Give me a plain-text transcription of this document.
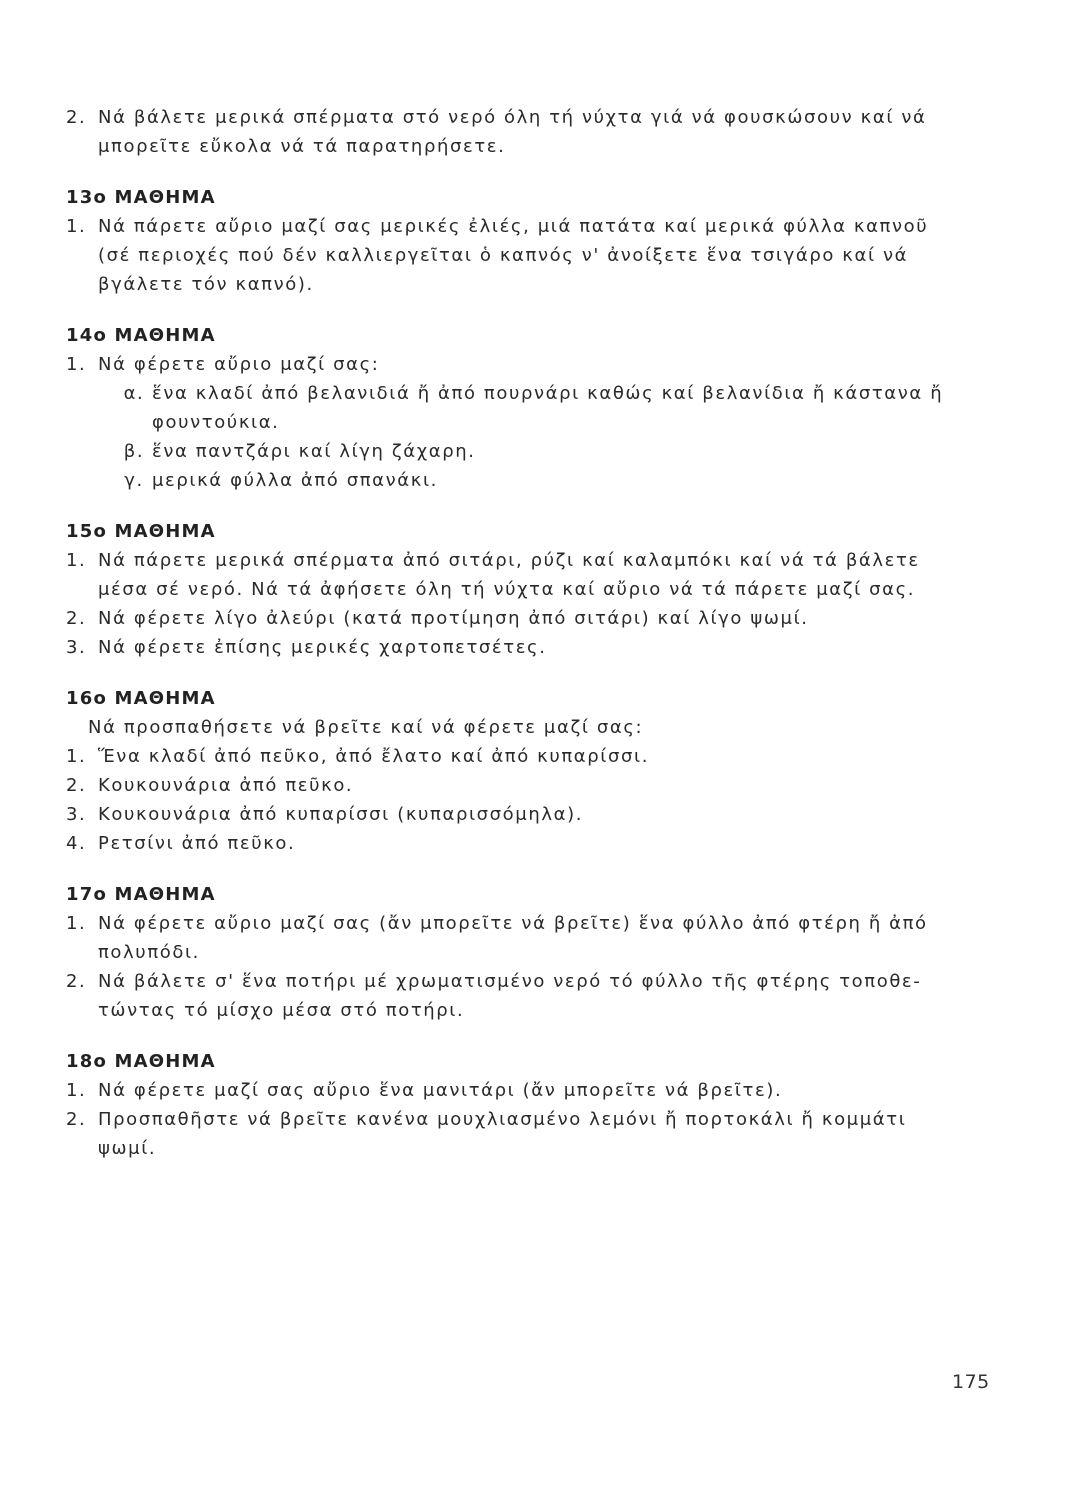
2. Νά βάλετε μερικά σπέρματα στό νερό όλη τή νύχτα γιά νά φουσκώσουν καί νά
μπορεῖτε εὔκολα νά τά παρατηρήσετε.
13ο ΜΑΘΗΜΑ
1. Νά πάρετε αὔριο μαζί σας μερικές ἐλιές, μιά πατάτα καί μερικά φύλλα καπνοῦ
(σέ περιοχές πού δέν καλλιεργεῖται ὁ καπνός ν' ἀνοίξετε ἕνα τσιγάρο καί νά
βγάλετε τόν καπνό).
14ο ΜΑΘΗΜΑ
1. Νά φέρετε αὔριο μαζί σας:
α. ἕνα κλαδί ἀπό βελανιδιά ἤ ἀπό πουρνάρι καθώς καί βελανίδια ἤ κάστανα ἤ
φουντούκια.
β. ἕνα παντζάρι καί λίγη ζάχαρη.
γ. μερικά φύλλα ἀπό σπανάκι.
15ο ΜΑΘΗΜΑ
1. Νά πάρετε μερικά σπέρματα ἀπό σιτάρι, ρύζι καί καλαμπόκι καί νά τά βάλετε
μέσα σέ νερό. Νά τά ἀφήσετε όλη τή νύχτα καί αὔριο νά τά πάρετε μαζί σας.
2. Νά φέρετε λίγο ἀλεύρι (κατά προτίμηση ἀπό σιτάρι) καί λίγο ψωμί.
3. Νά φέρετε ἐπίσης μερικές χαρτοπετσέτες.
16ο ΜΑΘΗΜΑ
Νά προσπαθήσετε νά βρεῖτε καί νά φέρετε μαζί σας:
1. Ἕνα κλαδί ἀπό πεῦκο, ἀπό ἔλατο καί ἀπό κυπαρίσσι.
2. Κουκουνάρια ἀπό πεῦκο.
3. Κουκουνάρια ἀπό κυπαρίσσι (κυπαρισσόμηλα).
4. Ρετσίνι ἀπό πεῦκο.
17ο ΜΑΘΗΜΑ
1. Νά φέρετε αὔριο μαζί σας (ἄν μπορεῖτε νά βρεῖτε) ἕνα φύλλο ἀπό φτέρη ἤ ἀπό
πολυπόδι.
2. Νά βάλετε σ' ἕνα ποτήρι μέ χρωματισμένο νερό τό φύλλο τῆς φτέρης τοποθε-
τώντας τό μίσχο μέσα στό ποτήρι.
18ο ΜΑΘΗΜΑ
1. Νά φέρετε μαζί σας αὔριο ἕνα μανιτάρι (ἄν μπορεῖτε νά βρεῖτε).
2. Προσπαθῆστε νά βρεῖτε κανένα μουχλιασμένο λεμόνι ἤ πορτοκάλι ἤ κομμάτι
ψωμί.
175
